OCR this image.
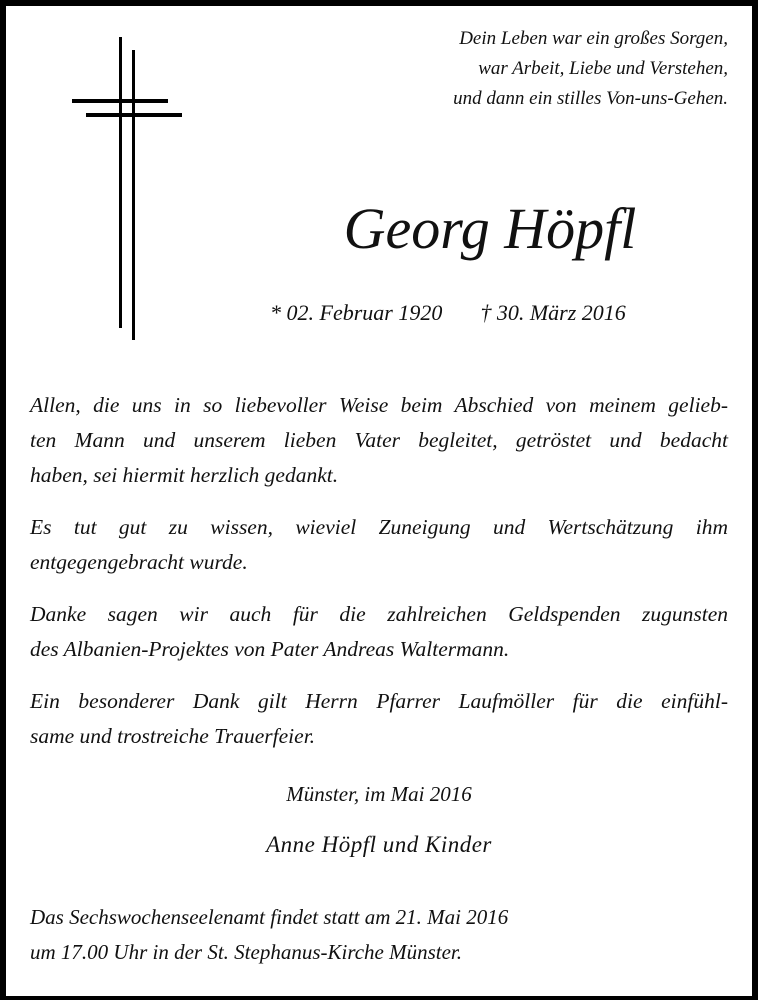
Dein Leben war ein großes Sorgen,
war Arbeit, Liebe und Verstehen,
und dann ein stilles Von-uns-Gehen.
Georg Höpfl
* 02. Februar 1920 † 30. März 2016
Allen, die uns in so liebevoller Weise beim Abschied von meinem gelieb-
ten Mann und unserem lieben Vater begleitet, getröstet und bedacht
haben, sei hiermit herzlich gedankt.
Es tut gut zu wissen, wieviel Zuneigung und Wertschätzung ihm
entgegengebracht wurde.
Danke sagen wir auch für die zahlreichen Geldspenden zugunsten
des Albanien-Projektes von Pater Andreas Waltermann.
Ein besonderer Dank gilt Herrn Pfarrer Laufmöller für die einfühl-
same und trostreiche Trauerfeier.
Münster, im Mai 2016
Anne Höpfl und Kinder
Das Sechswochenseelenamt findet statt am 21. Mai 2016
um 17.00 Uhr in der St. Stephanus-Kirche Münster.
